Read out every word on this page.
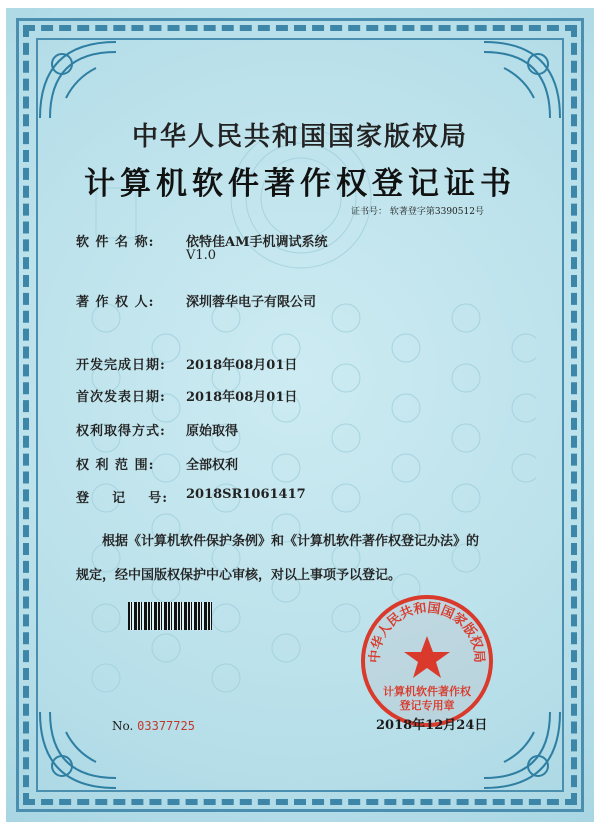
中华人民共和国国家版权局
计算机软件著作权登记证书
证书号： 软著登字第3390512号
软 件 名 称: 依特佳AM手机调试系统
V1.0
著 作 权 人: 深圳蓉华电子有限公司
开发完成日期: 2018年08月01日
首次发表日期: 2018年08月01日
权利取得方式: 原始取得
权 利 范 围: 全部权利
登    记    号: 2018SR1061417
根据《计算机软件保护条例》和《计算机软件著作权登记办法》的
规定，经中国版权保护中心审核，对以上事项予以登记。
No. 03377725
中华人民共和国国家版权局
计算机软件著作权
登记专用章
2018年12月24日
